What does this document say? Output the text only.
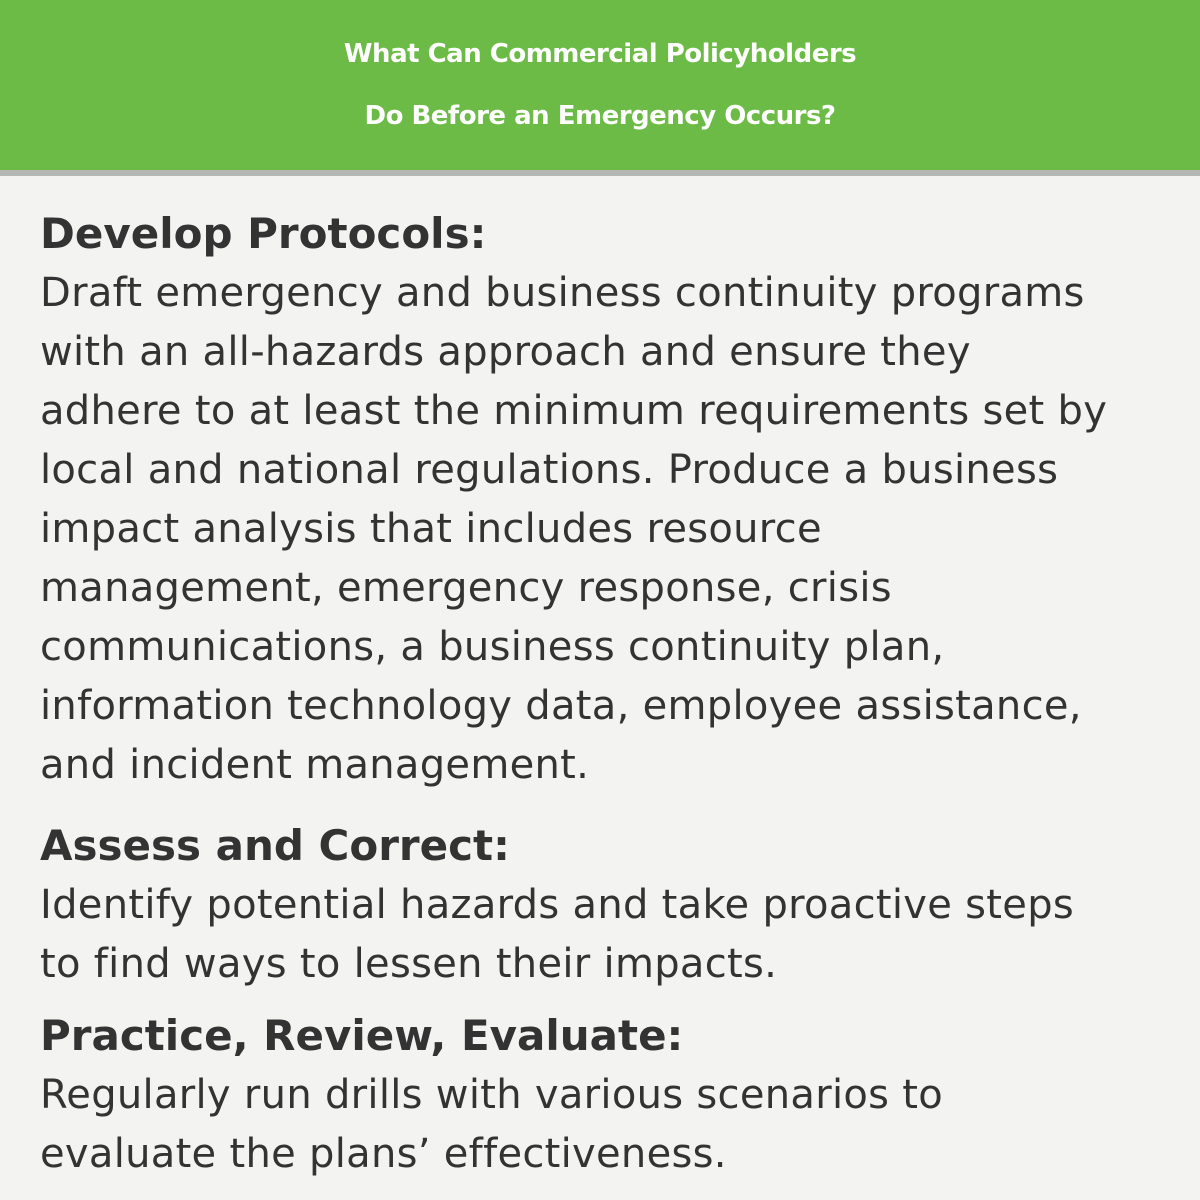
What Can Commercial Policyholders
Do Before an Emergency Occurs?
Develop Protocols:
Draft emergency and business continuity programs
with an all-hazards approach and ensure they
adhere to at least the minimum requirements set by
local and national regulations. Produce a business
impact analysis that includes resource
management, emergency response, crisis
communications, a business continuity plan,
information technology data, employee assistance,
and incident management.
Assess and Correct:
Identify potential hazards and take proactive steps
to find ways to lessen their impacts.
Practice, Review, Evaluate:
Regularly run drills with various scenarios to
evaluate the plans’ effectiveness.
